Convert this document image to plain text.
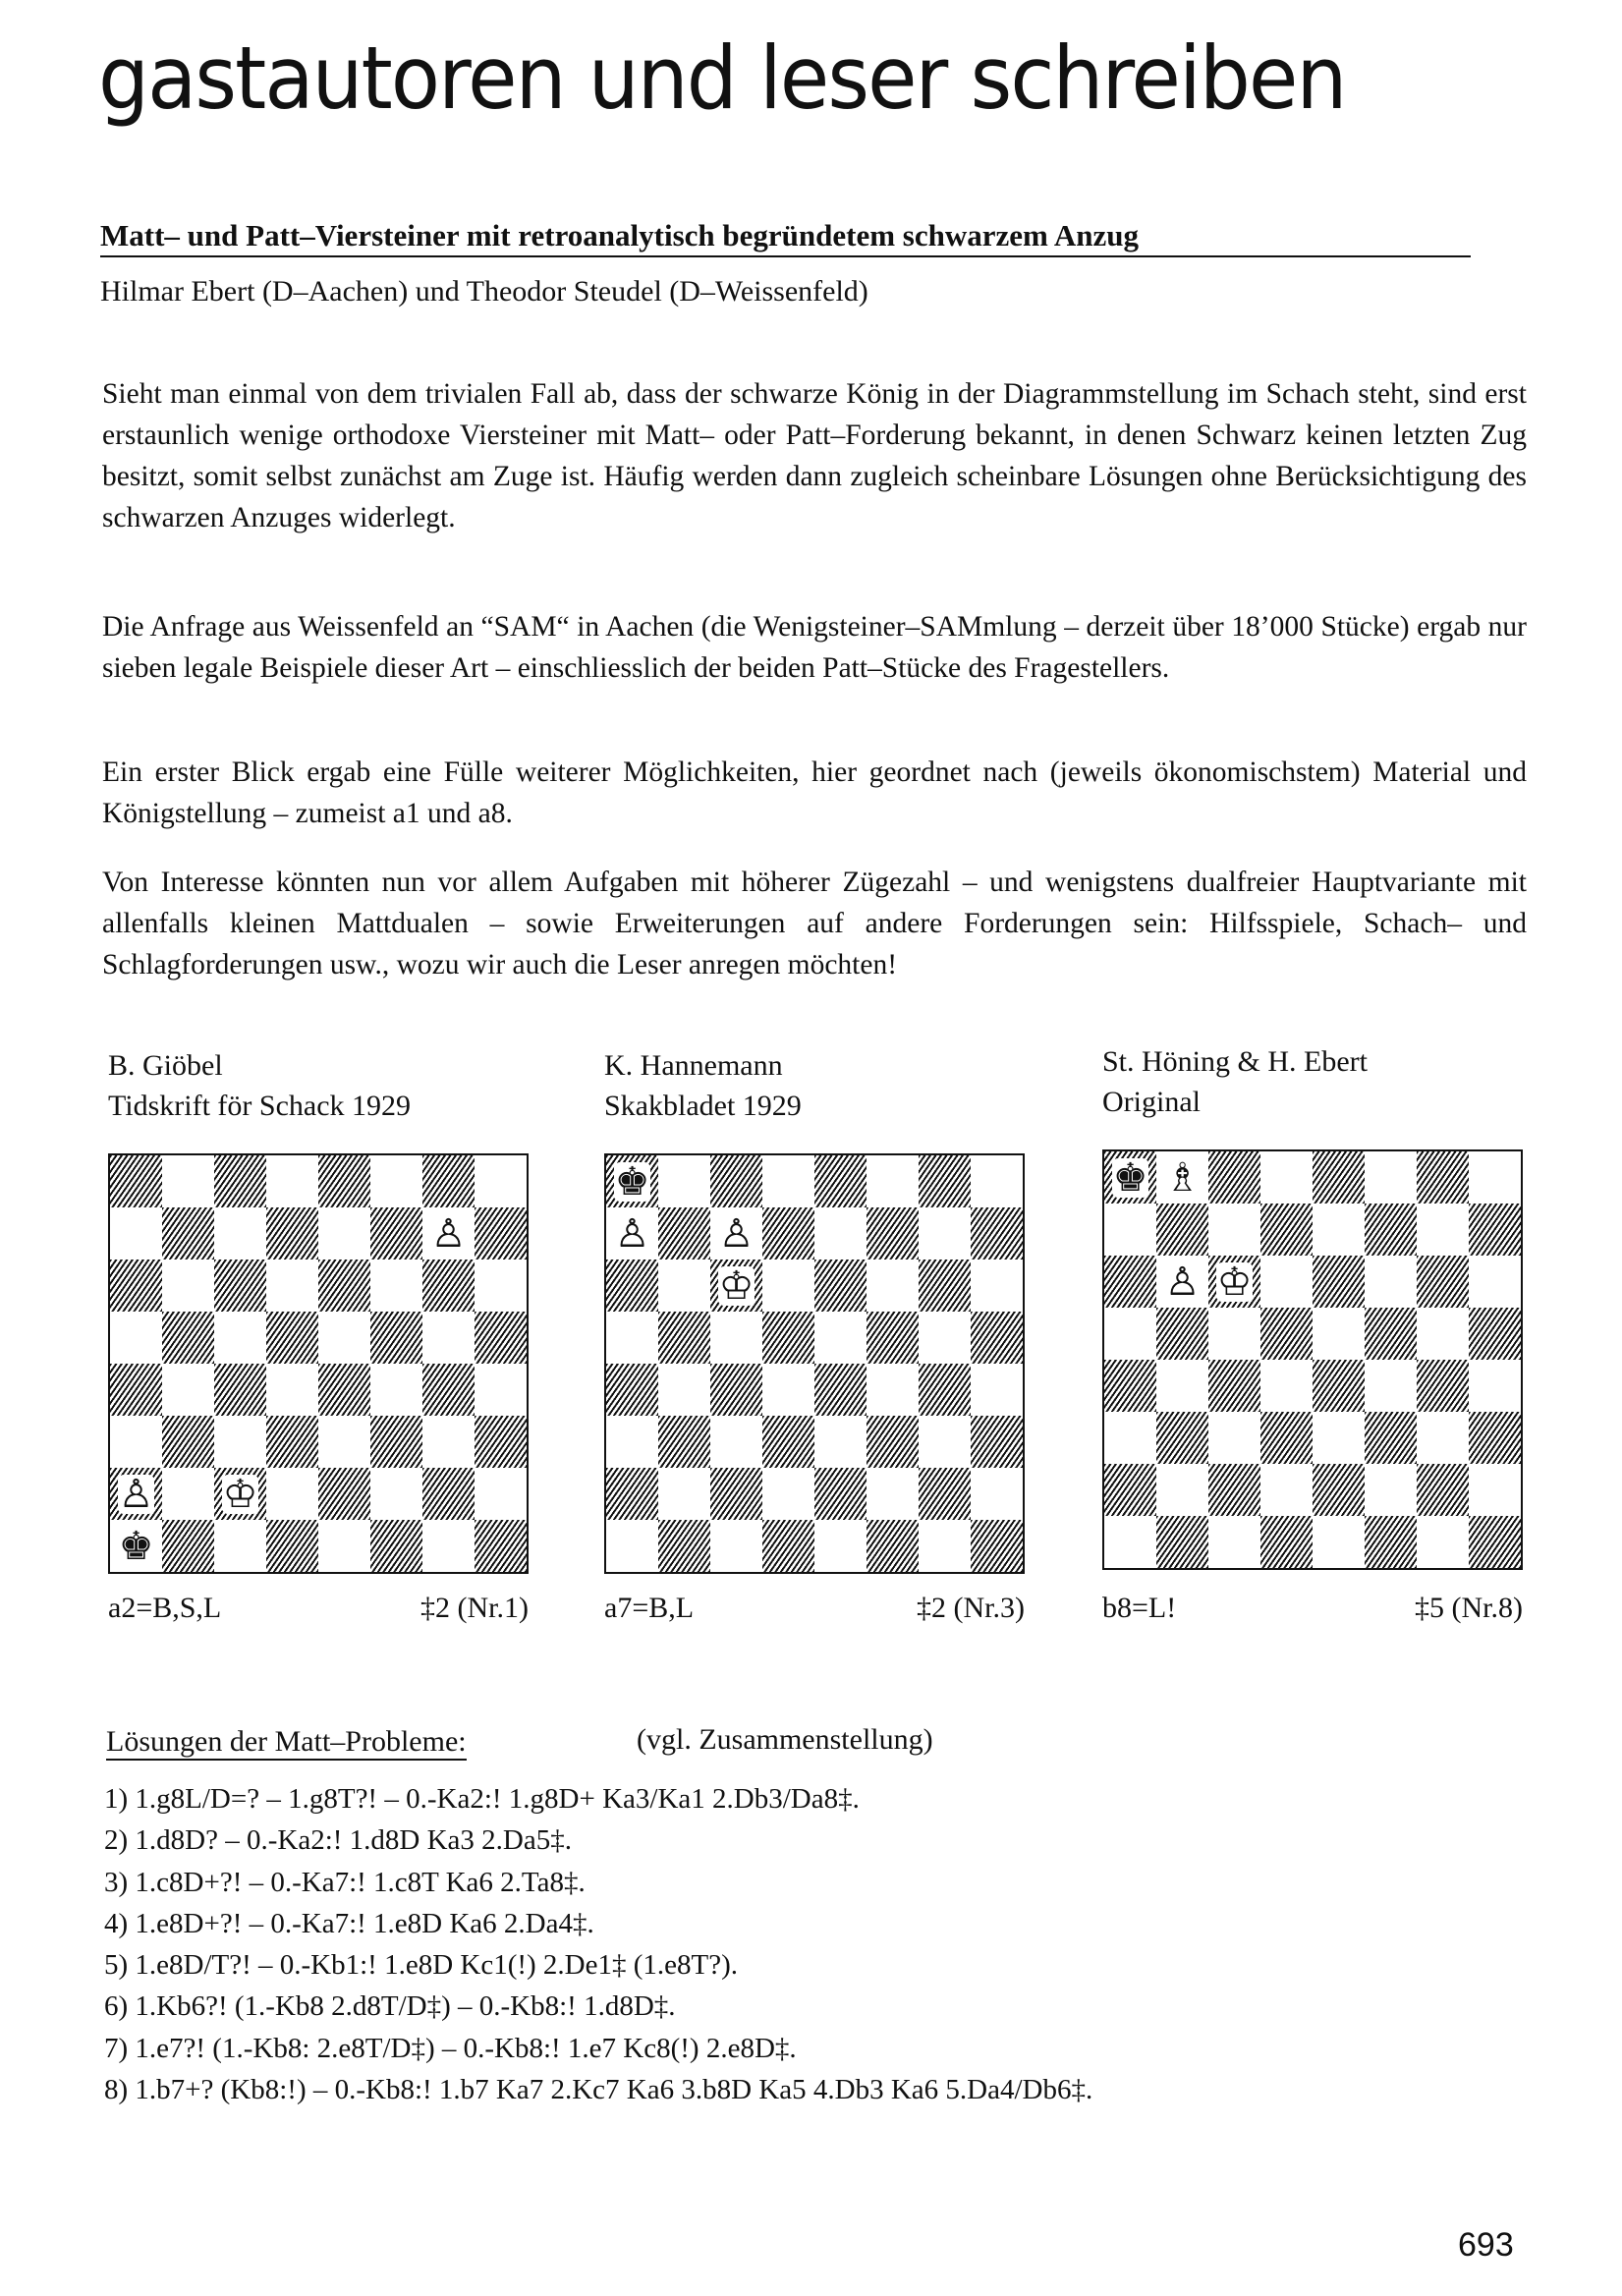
gastautoren und leser schreiben
Matt– und Patt–Viersteiner mit retroanalytisch begründetem schwarzem Anzug
Hilmar Ebert (D–Aachen) und Theodor Steudel (D–Weissenfeld)
Sieht man einmal von dem trivialen Fall ab, dass der schwarze König in der Diagrammstellung im Schach steht, sind erst erstaunlich wenige orthodoxe Viersteiner mit Matt– oder Patt–Forderung bekannt, in denen Schwarz keinen letzten Zug besitzt, somit selbst zunächst am Zuge ist. Häufig werden dann zugleich scheinbare Lösungen ohne Berücksichtigung des schwarzen Anzuges widerlegt.
Die Anfrage aus Weissenfeld an “SAM“ in Aachen (die Wenigsteiner–SAMmlung – derzeit über 18’000 Stücke) ergab nur sieben legale Beispiele dieser Art – einschliesslich der beiden Patt–Stücke des Fragestellers.
Ein erster Blick ergab eine Fülle weiterer Möglichkeiten, hier geordnet nach (jeweils ökonomischstem) Material und Königstellung – zumeist a1 und a8.
Von Interesse könnten nun vor allem Aufgaben mit höherer Zügezahl – und wenigstens dualfreier Hauptvariante mit allenfalls kleinen Mattdualen – sowie Erweiterungen auf andere Forderungen sein: Hilfsspiele, Schach– und Schlagforderungen usw., wozu wir auch die Leser anregen möchten!
B. Giöbel
Tidskrift för Schack 1929
♙
♙ ♔
♚
a2=B,S,L	‡2 (Nr.1)
K. Hannemann
Skakbladet 1929
♚
♙ ♙
♔
a7=B,L	‡2 (Nr.3)
St. Höning & H. Ebert
Original
♚ ♗
♙ ♔
b8=L!	‡5 (Nr.8)
Lösungen der Matt–Probleme:	(vgl. Zusammenstellung)
1) 1.g8L/D=? – 1.g8T?! – 0.-Ka2:! 1.g8D+ Ka3/Ka1 2.Db3/Da8‡.
2) 1.d8D? – 0.-Ka2:! 1.d8D Ka3 2.Da5‡.
3) 1.c8D+?! – 0.-Ka7:! 1.c8T Ka6 2.Ta8‡.
4) 1.e8D+?! – 0.-Ka7:! 1.e8D Ka6 2.Da4‡.
5) 1.e8D/T?! – 0.-Kb1:! 1.e8D Kc1(!) 2.De1‡ (1.e8T?).
6) 1.Kb6?! (1.-Kb8 2.d8T/D‡) – 0.-Kb8:! 1.d8D‡.
7) 1.e7?! (1.-Kb8: 2.e8T/D‡) – 0.-Kb8:! 1.e7 Kc8(!) 2.e8D‡.
8) 1.b7+? (Kb8:!) – 0.-Kb8:! 1.b7 Ka7 2.Kc7 Ka6 3.b8D Ka5 4.Db3 Ka6 5.Da4/Db6‡.
693
